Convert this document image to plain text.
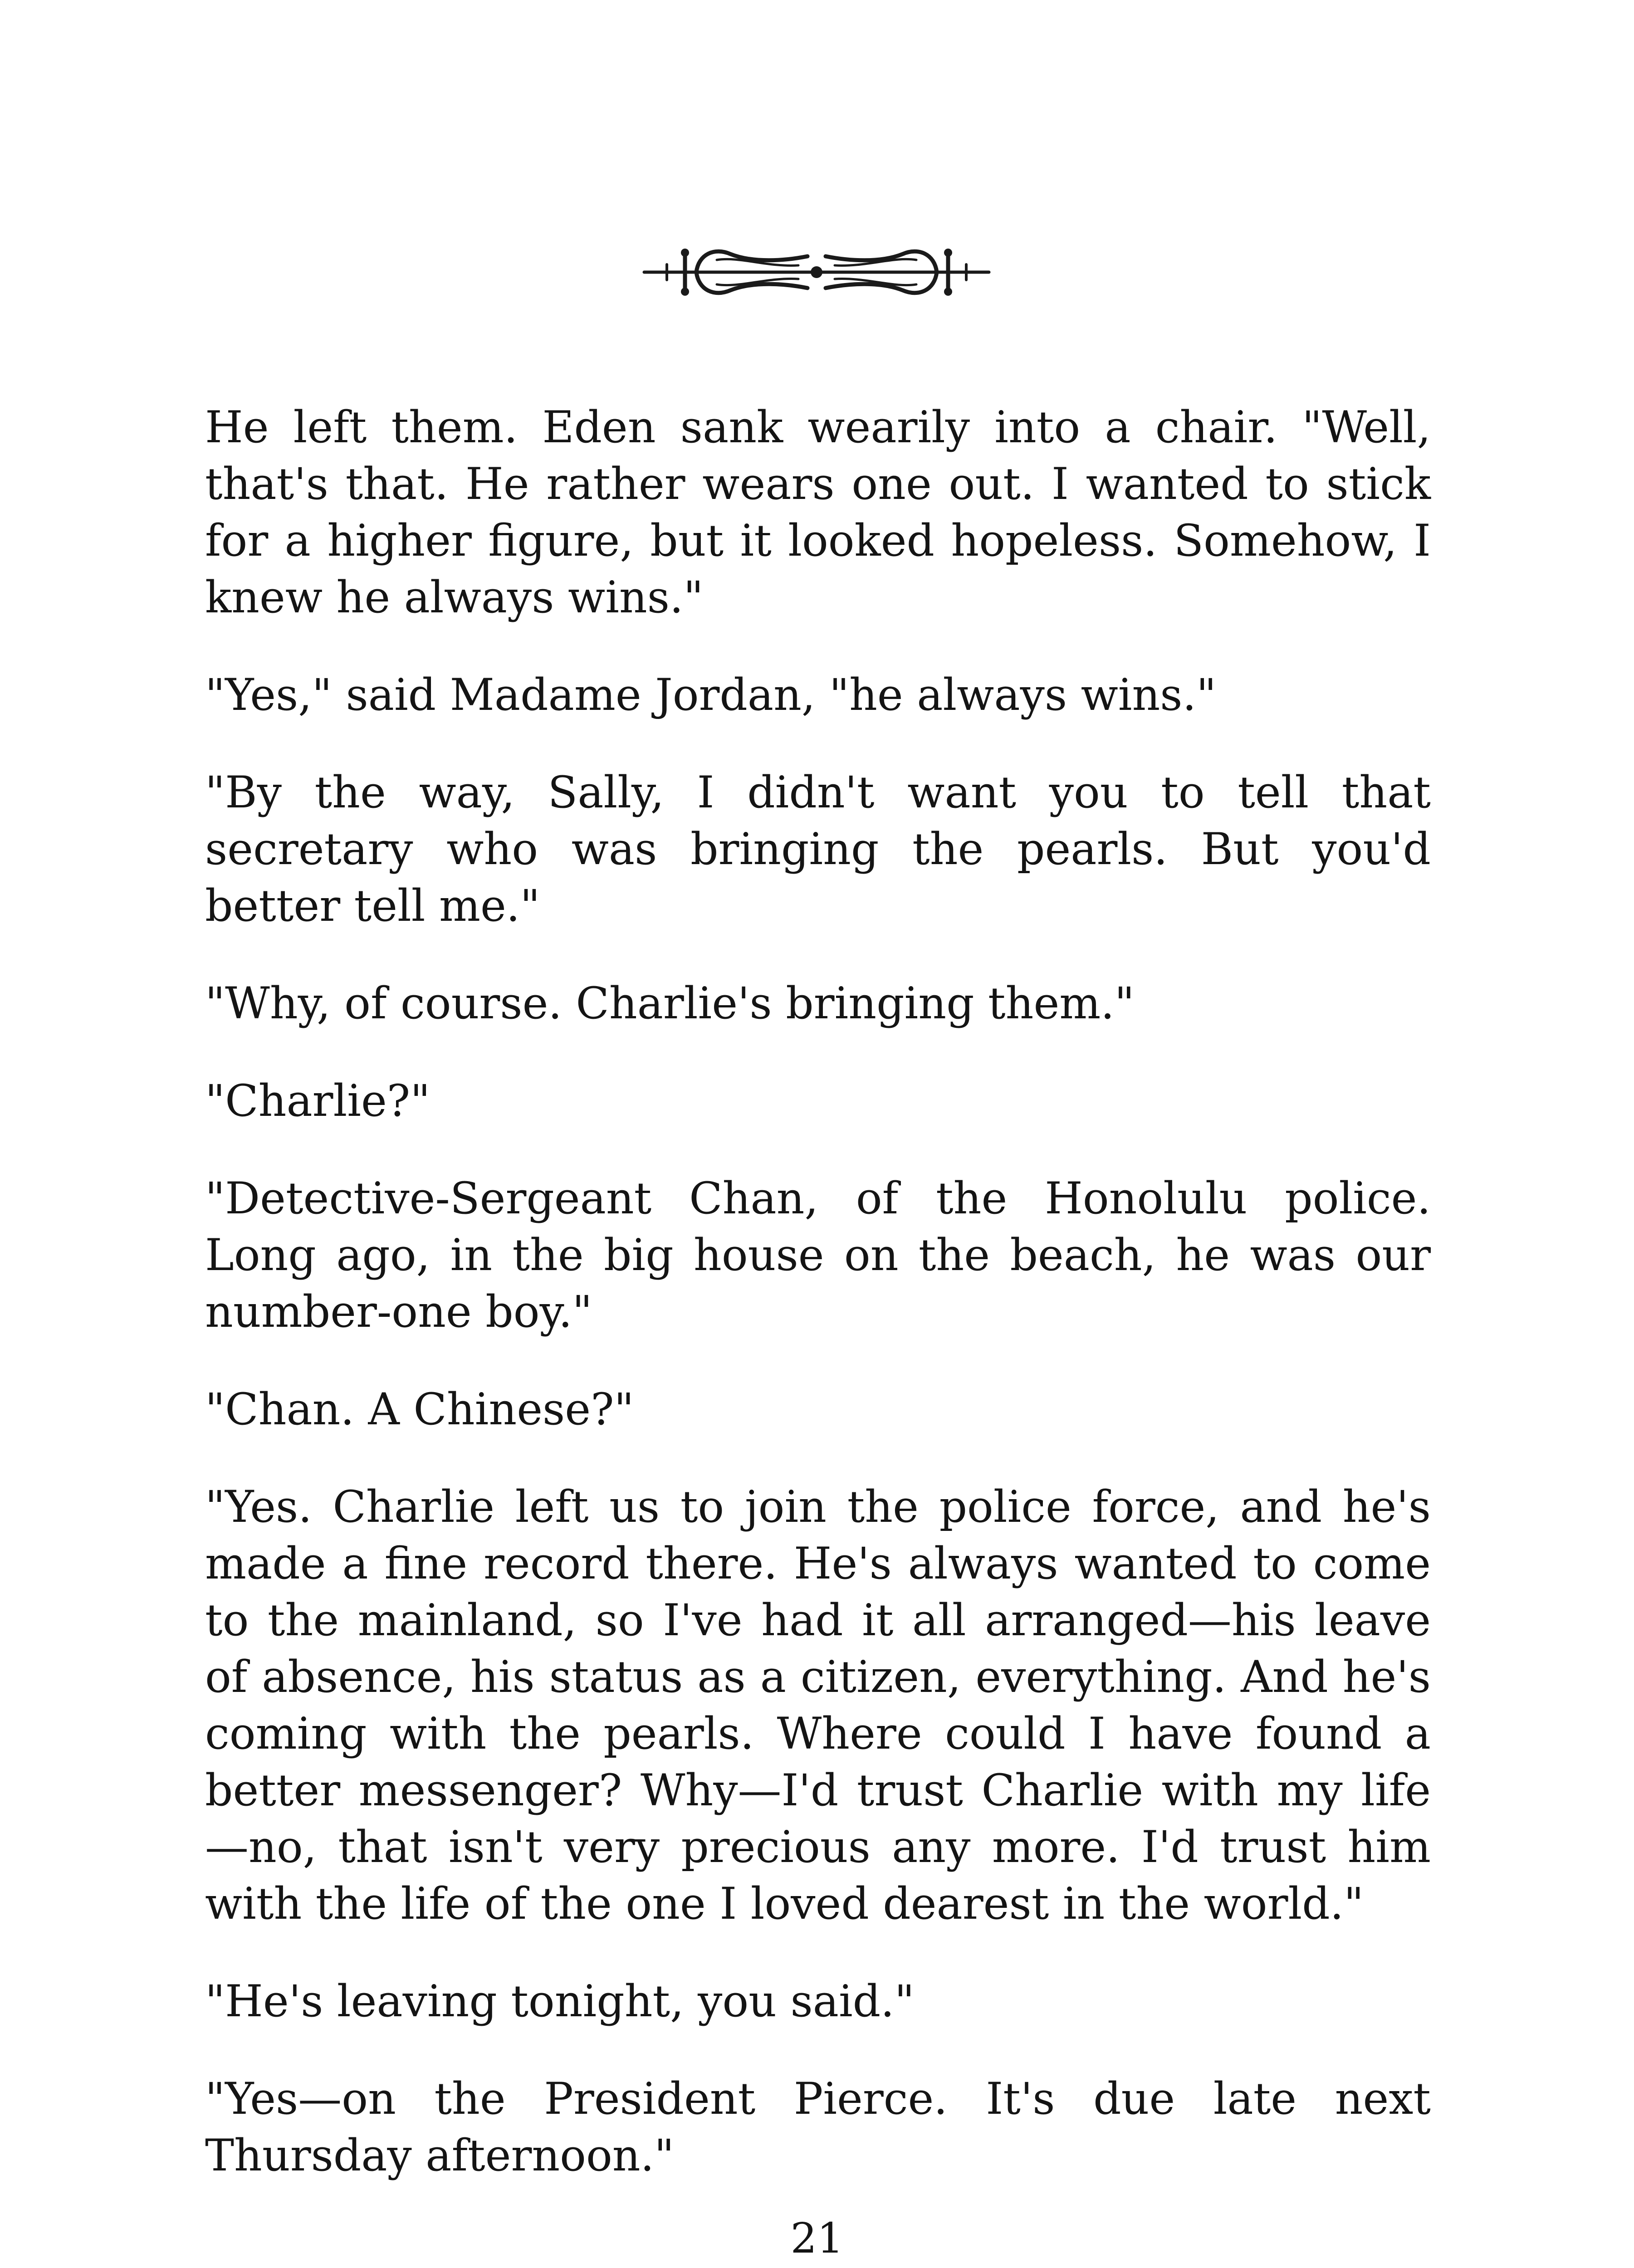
He left them. Eden sank wearily into a chair. "Well, that's that. He rather wears one out. I wanted to stick for a higher figure, but it looked hopeless. Somehow, I knew he always wins."

"Yes," said Madame Jordan, "he always wins."

"By the way, Sally, I didn't want you to tell that secretary who was bringing the pearls. But you'd better tell me."

"Why, of course. Charlie's bringing them."

"Charlie?"

"Detective-Sergeant Chan, of the Honolulu police. Long ago, in the big house on the beach, he was our number-one boy."

"Chan. A Chinese?"

"Yes. Charlie left us to join the police force, and he's made a fine record there. He's always wanted to come to the mainland, so I've had it all arranged—his leave of absence, his status as a citizen, everything. And he's coming with the pearls. Where could I have found a better messenger? Why—I'd trust Charlie with my life—no, that isn't very precious any more. I'd trust him with the life of the one I loved dearest in the world."

"He's leaving tonight, you said."

"Yes—on the President Pierce. It's due late next Thursday afternoon."

21
